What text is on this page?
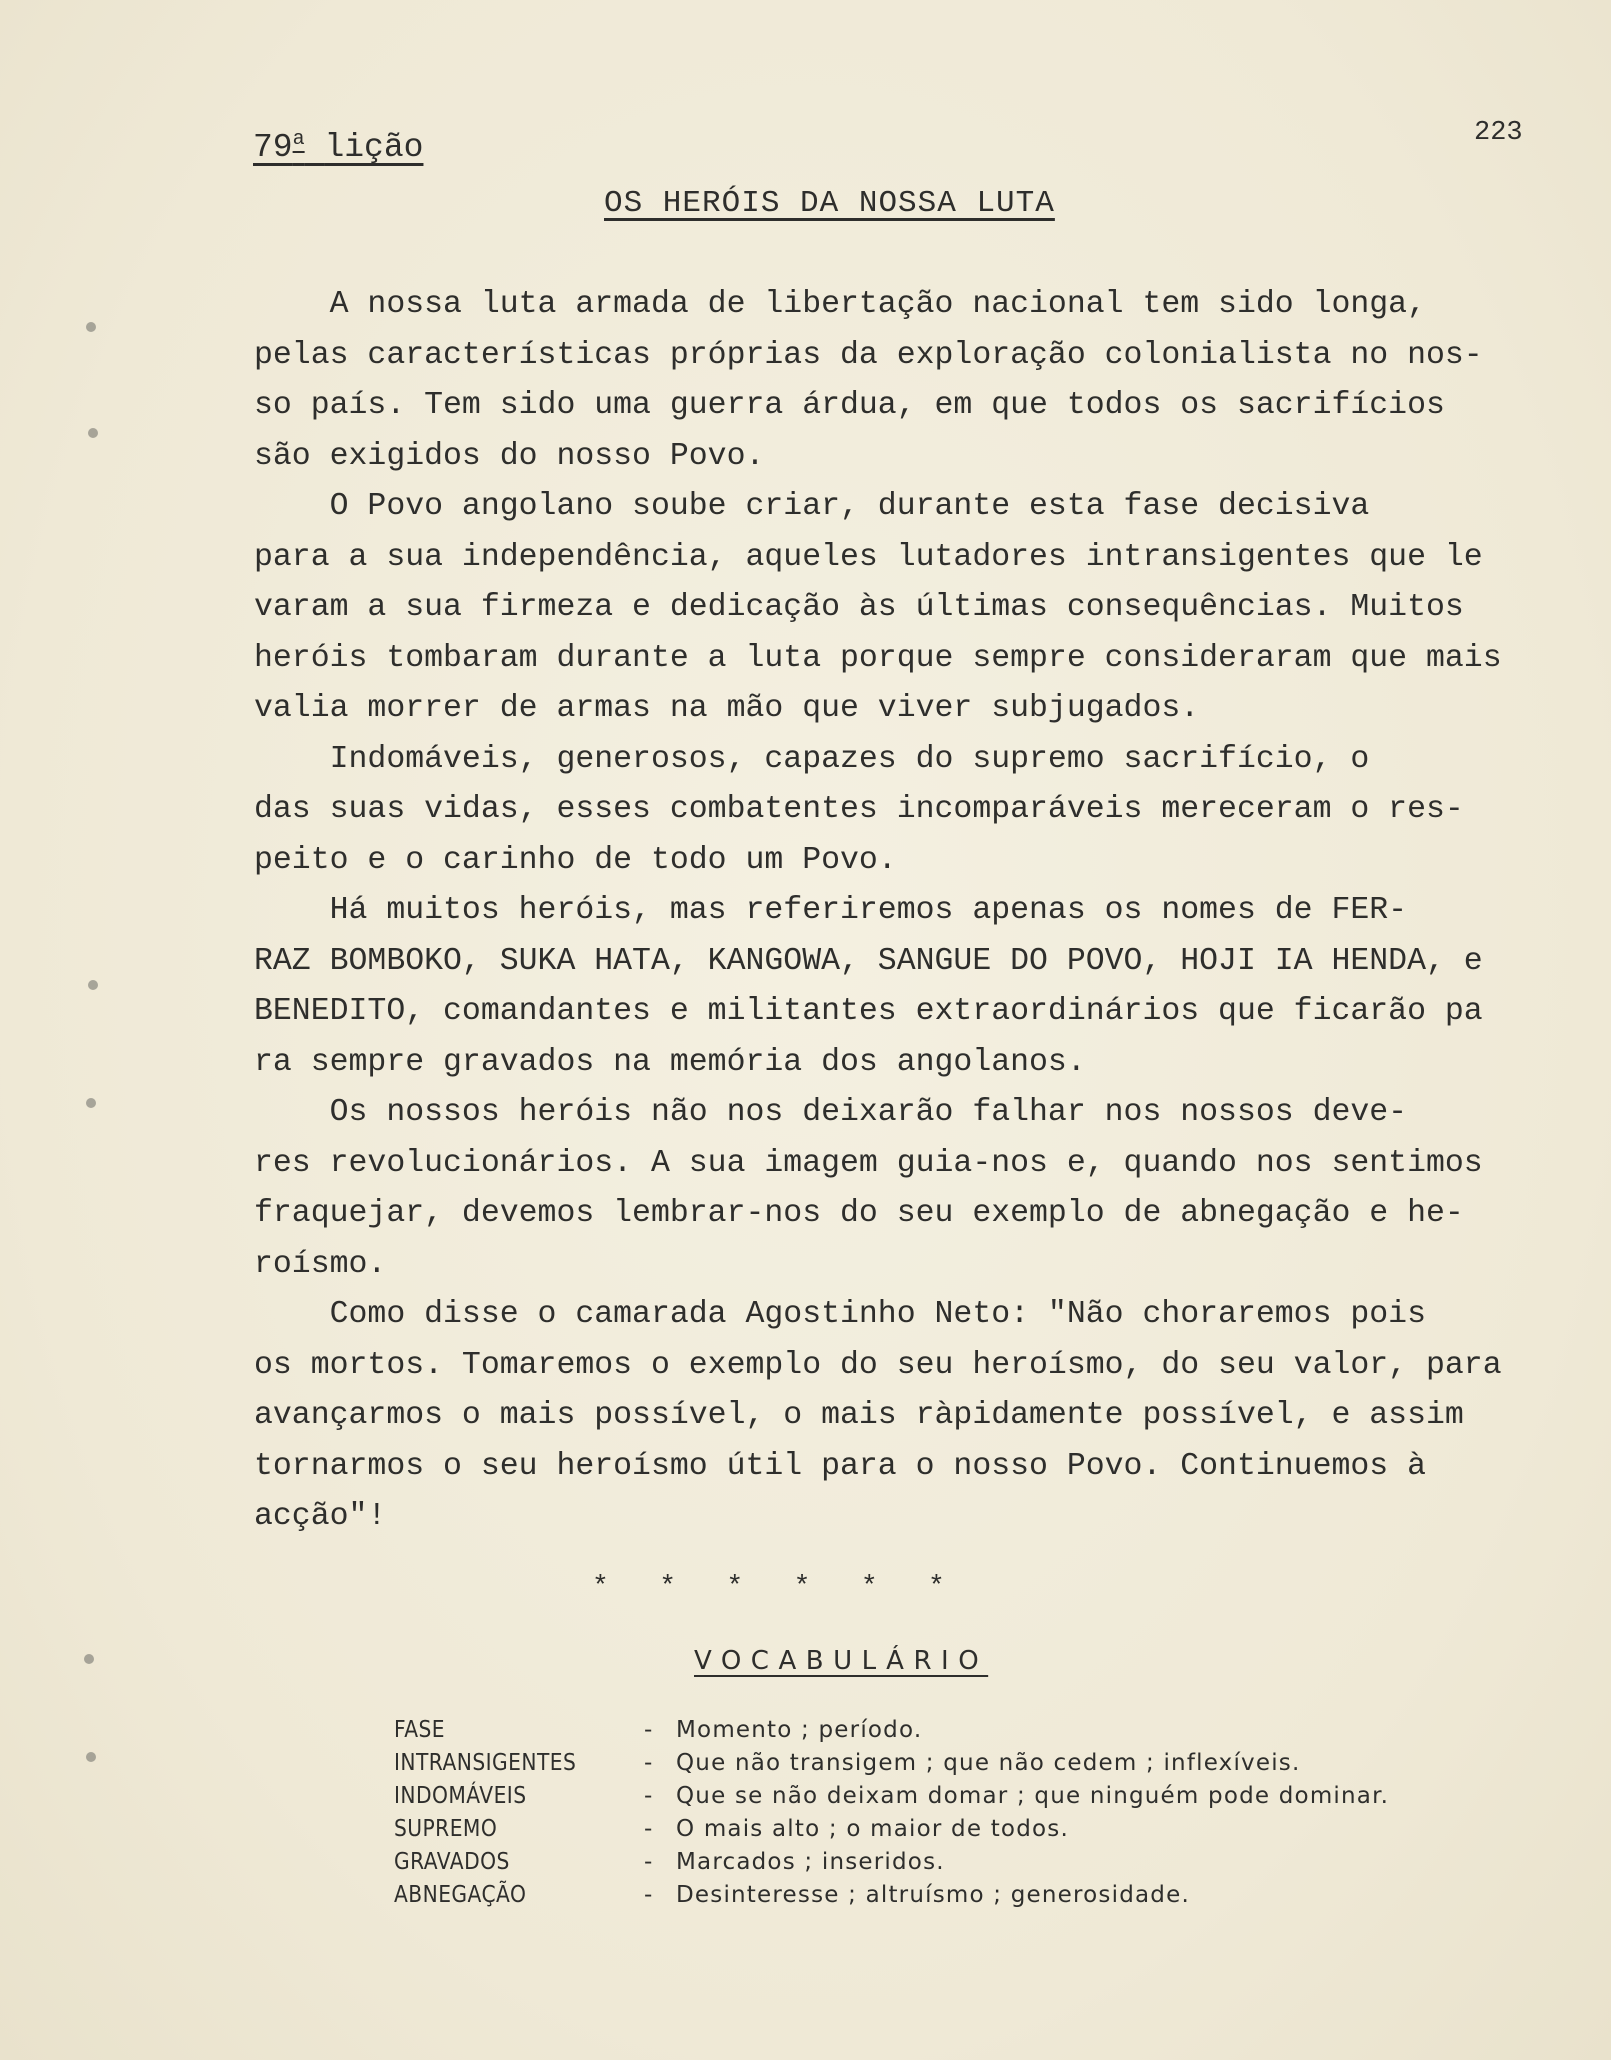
79$^a$ lição	223
OS HERÓIS DA NOSSA LUTA
A nossa luta armada de libertação nacional tem sido longa,
pelas características próprias da exploração colonialista no nos-
so país. Tem sido uma guerra árdua, em que todos os sacrifícios
são exigidos do nosso Povo.
O Povo angolano soube criar, durante esta fase decisiva
para a sua independência, aqueles lutadores intransigentes que le
varam a sua firmeza e dedicação às últimas consequências. Muitos
heróis tombaram durante a luta porque sempre consideraram que mais
valia morrer de armas na mão que viver subjugados.
Indomáveis, generosos, capazes do supremo sacrifício, o
das suas vidas, esses combatentes incomparáveis mereceram o res-
peito e o carinho de todo um Povo.
Há muitos heróis, mas referiremos apenas os nomes de FER-
RAZ BOMBOKO, SUKA HATA, KANGOWA, SANGUE DO POVO, HOJI IA HENDA, e
BENEDITO, comandantes e militantes extraordinários que ficarão pa
ra sempre gravados na memória dos angolanos.
Os nossos heróis não nos deixarão falhar nos nossos deve-
res revolucionários. A sua imagem guia-nos e, quando nos sentimos
fraquejar, devemos lembrar-nos do seu exemplo de abnegação e he-
roísmo.
Como disse o camarada Agostinho Neto: "Não choraremos pois
os mortos. Tomaremos o exemplo do seu heroísmo, do seu valor, para
avançarmos o mais possível, o mais ràpidamente possível, e assim
tornarmos o seu heroísmo útil para o nosso Povo. Continuemos à
acção"!
*   *   *   *   *   *
VOCABULÁRIO
FASE	- Momento ; período.
INTRANSIGENTES	- Que não transigem ; que não cedem ; inflexíveis.
INDOMÁVEIS	- Que se não deixam domar ; que ninguém pode dominar.
SUPREMO	- O mais alto ; o maior de todos.
GRAVADOS	- Marcados ; inseridos.
ABNEGAÇÃO	- Desinteresse ; altruísmo ; generosidade.
